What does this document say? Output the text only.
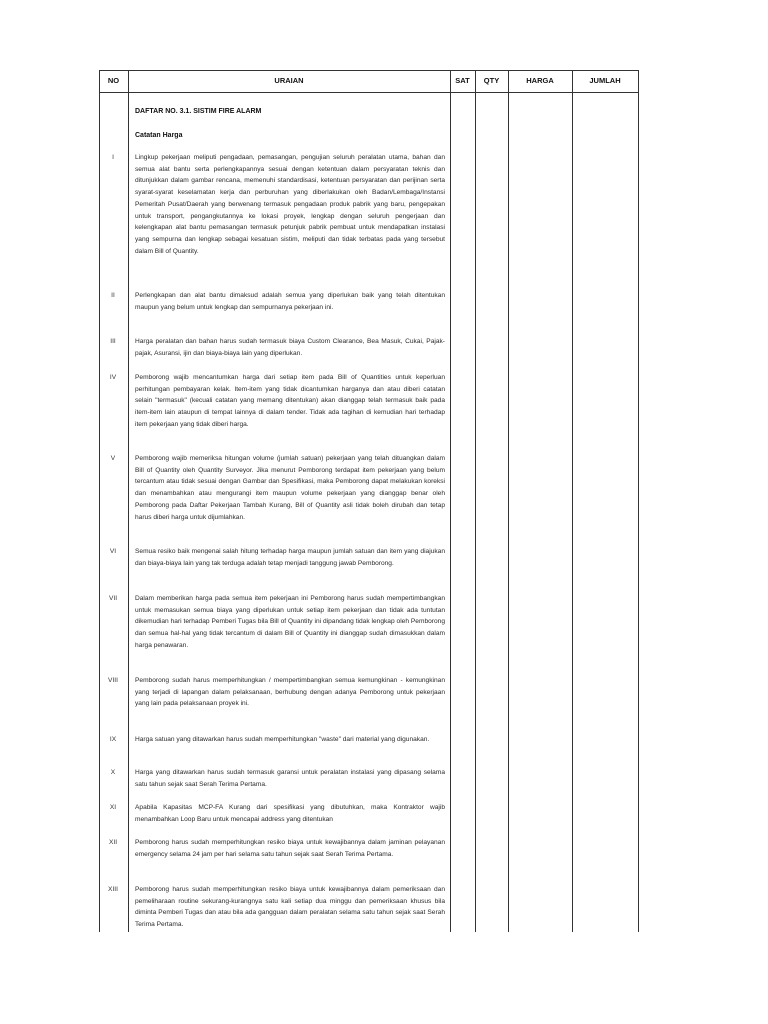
NO	URAIAN	SAT	QTY	HARGA	JUMLAH
DAFTAR NO. 3.1. SISTIM FIRE ALARM
Catatan Harga
I	Lingkup pekerjaan meliputi pengadaan, pemasangan, pengujian seluruh peralatan utama, bahan dan semua alat bantu serta perlengkapannya sesuai dengan ketentuan dalam persyaratan teknis dan ditunjukkan dalam gambar rencana, memenuhi standardisasi, ketentuan persyaratan dan perijinan serta syarat-syarat keselamatan kerja dan perburuhan yang diberlakukan oleh Badan/Lembaga/Instansi Pemeritah Pusat/Daerah yang berwenang termasuk pengadaan produk pabrik yang baru, pengepakan untuk transport, pengangkutannya ke lokasi proyek, lengkap dengan seluruh pengerjaan dan kelengkapan alat bantu pemasangan termasuk petunjuk pabrik pembuat untuk mendapatkan instalasi yang sempurna dan lengkap sebagai kesatuan sistim, meliputi dan tidak terbatas pada yang tersebut dalam Bill of Quantity.
II	Perlengkapan dan alat bantu dimaksud adalah semua yang diperlukan baik yang telah ditentukan maupun yang belum untuk lengkap dan sempurnanya pekerjaan ini.
III	Harga peralatan dan bahan harus sudah termasuk biaya Custom Clearance, Bea Masuk, Cukai, Pajak-pajak, Asuransi, ijin dan biaya-biaya lain yang diperlukan.
IV	Pemborong wajib mencantumkan harga dari setiap item pada Bill of Quantities untuk keperluan perhitungan pembayaran kelak. Item-item yang tidak dicantumkan harganya dan atau diberi catatan selain "termasuk" (kecuali catatan yang memang ditentukan) akan dianggap telah termasuk baik pada item-item lain ataupun di tempat lainnya di dalam tender. Tidak ada tagihan di kemudian hari terhadap item pekerjaan yang tidak diberi harga.
V	Pemborong wajib memeriksa hitungan volume (jumlah satuan) pekerjaan yang telah dituangkan dalam Bill of Quantity oleh Quantity Surveyor. Jika menurut Pemborong terdapat item pekerjaan yang belum tercantum atau tidak sesuai dengan Gambar dan Spesifikasi, maka Pemborong dapat melakukan koreksi dan menambahkan atau mengurangi item maupun volume pekerjaan yang dianggap benar oleh Pemborong pada Daftar Pekerjaan Tambah Kurang, Bill of Quantity asli tidak boleh dirubah dan tetap harus diberi harga untuk dijumlahkan.
VI	Semua resiko baik mengenai salah hitung terhadap harga maupun jumlah satuan dan item yang diajukan dan biaya-biaya lain yang tak terduga adalah tetap menjadi tanggung jawab Pemborong.
VII	Dalam memberikan harga pada semua item pekerjaan ini Pemborong harus sudah mempertimbangkan untuk memasukan semua biaya yang diperlukan untuk setiap item pekerjaan dan tidak ada tuntutan dikemudian hari terhadap Pemberi Tugas bila Bill of Quantity ini dipandang tidak lengkap oleh Pemborong dan semua hal-hal yang tidak tercantum di dalam Bill of Quantity ini dianggap sudah dimasukkan dalam harga penawaran.
VIII	Pemborong sudah harus memperhitungkan / mempertimbangkan semua kemungkinan - kemungkinan yang terjadi di lapangan dalam pelaksanaan, berhubung dengan adanya Pemborong untuk pekerjaan yang lain pada pelaksanaan proyek ini.
IX	Harga satuan yang ditawarkan harus sudah memperhitungkan "waste" dari material yang digunakan.
X	Harga yang ditawarkan harus sudah termasuk garansi untuk peralatan instalasi yang dipasang selama satu tahun sejak saat Serah Terima Pertama.
XI	Apabila Kapasitas MCP-FA Kurang dari spesifikasi yang dibutuhkan, maka Kontraktor wajib menambahkan Loop Baru untuk mencapai address yang ditentukan
XII	Pemborong harus sudah memperhitungkan resiko biaya untuk kewajibannya dalam jaminan pelayanan emergency selama 24 jam per hari selama satu tahun sejak saat Serah Terima Pertama.
XIII	Pemborong harus sudah memperhitungkan resiko biaya untuk kewajibannya dalam pemeriksaan dan pemeliharaan routine sekurang-kurangnya satu kali setiap dua minggu dan pemeriksaan khusus bila diminta Pemberi Tugas dan atau bila ada gangguan dalam peralatan selama satu tahun sejak saat Serah Terima Pertama.
